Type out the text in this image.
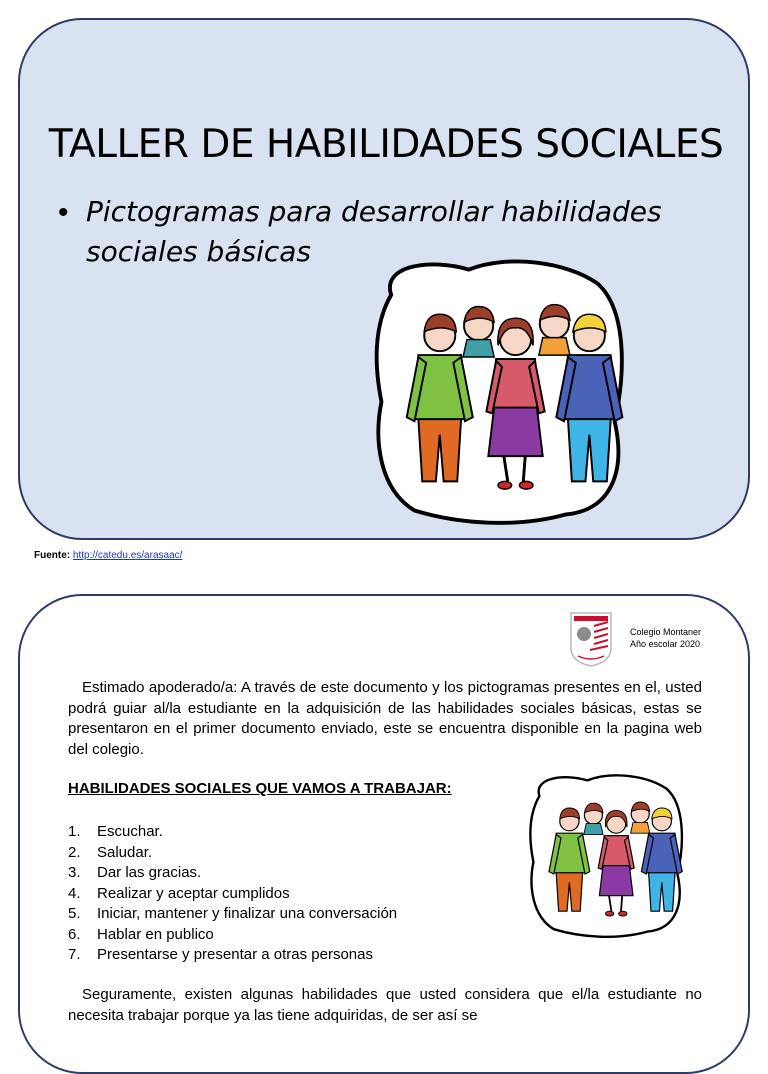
TALLER DE HABILIDADES SOCIALES
• Pictogramas para desarrollar habilidades sociales básicas
Fuente: http://catedu.es/arasaac/
Colegio Montaner
Año escolar 2020
Estimado apoderado/a: A través de este documento y los pictogramas presentes en el, usted podrá guiar al/la estudiante en la adquisición de las habilidades sociales básicas, estas se presentaron en el primer documento enviado, este se encuentra disponible en la pagina web del colegio.
HABILIDADES SOCIALES QUE VAMOS A TRABAJAR:
1. Escuchar.
2. Saludar.
3. Dar las gracias.
4. Realizar y aceptar cumplidos
5. Iniciar, mantener y finalizar una conversación
6. Hablar en publico
7. Presentarse y presentar a otras personas
Seguramente, existen algunas habilidades que usted considera que el/la estudiante no necesita trabajar porque ya las tiene adquiridas, de ser así se
